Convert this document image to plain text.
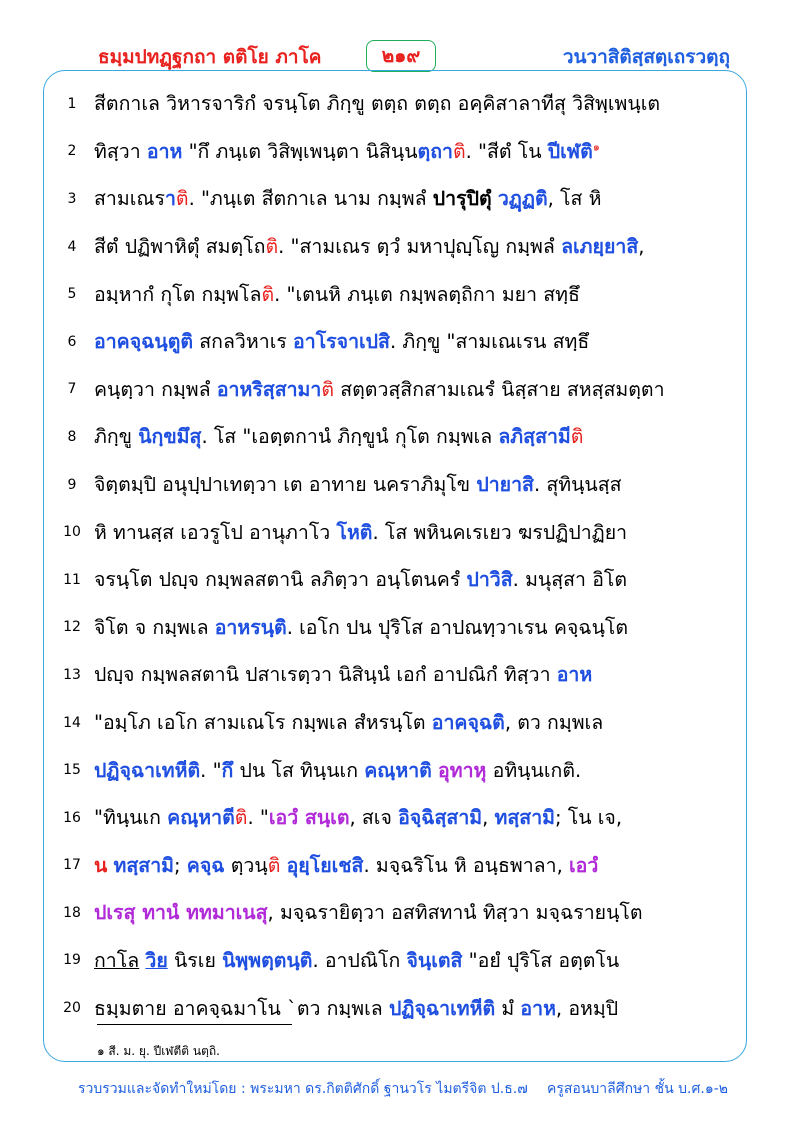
ธมฺมปทฏฺฐกถา ตติโย ภาโค	๒๑๙	วนวาสิติสฺสตฺเถรวตฺถุ
1 สีตกาเล วิหารจาริกํ จรนฺโต ภิกฺขู ตตฺถ ตตฺถ อคฺคิสาลาทีสุ วิสิพฺเพนฺเต
2 ทิสฺวา อาห "กึ ภนฺเต วิสิพฺเพนฺตา นิสินฺนตฺถาติ. "สีตํ โน ปีเฬติ$^๑$
3 สามเณราติ. "ภนฺเต สีตกาเล นาม กมฺพลํ ปารุปิตุํ วฏฺฏติ, โส หิ
4 สีตํ ปฏิพาหิตุํ สมตฺโถติ. "สามเณร ตฺวํ มหาปุญฺโญ กมฺพลํ ลเภยฺยาสิ,
5 อมฺหากํ กุโต กมฺพโลติ. "เตนหิ ภนฺเต กมฺพลตฺถิกา มยา สทฺธึ
6 อาคจฺฉนฺตูติ สกลวิหาเร อาโรจาเปสิ. ภิกฺขู "สามเณเรน สทฺธึ
7 คนฺตฺวา กมฺพลํ อาหริสฺสามาติ สตฺตวสฺสิกสามเณรํ นิสฺสาย สหสฺสมตฺตา
8 ภิกฺขู นิกฺขมึสุ. โส "เอตฺตกานํ ภิกฺขูนํ กุโต กมฺพเล ลภิสฺสามีติ
9 จิตฺตมฺปิ อนุปฺปาเทตฺวา เต อาทาย นคราภิมุโข ปายาสิ. สุทินฺนสฺส
10 หิ ทานสฺส เอวรูโป อานุภาโว โหติ. โส พหินคเรเยว ฆรปฏิปาฏิยา
11 จรนฺโต ปญฺจ กมฺพลสตานิ ลภิตฺวา อนฺโตนครํ ปาวิสิ. มนุสฺสา อิโต
12 จิโต จ กมฺพเล อาหรนฺติ. เอโก ปน ปุริโส อาปณทฺวาเรน คจฺฉนฺโต
13 ปญฺจ กมฺพลสตานิ ปสาเรตฺวา นิสินฺนํ เอกํ อาปณิกํ ทิสฺวา อาห
14 "อมฺโภ เอโก สามเณโร กมฺพเล สํหรนฺโต อาคจฺฉติ, ตว กมฺพเล
15 ปฏิจฺฉาเทหีติ. "กึ ปน โส ทินฺนเก คณฺหาติ อุทาหุ อทินฺนเกติ.
16 "ทินฺนเก คณฺหาตีติ. "เอวํ สนฺเต, สเจ อิจฺฉิสฺสามิ, ทสฺสามิ; โน เจ,
17 น ทสฺสามิ; คจฺฉ ตฺวนฺติ อุยฺโยเชสิ. มจฺฉริโน หิ อนฺธพาลา, เอวํ
18 ปเรสุ ทานํ ททมาเนสุ, มจฺฉรายิตฺวา อสทิสทานํ ทิสฺวา มจฺฉรายนฺโต
19 กาโล วิย นิรเย นิพฺพตฺตนฺติ. อาปณิโก จินฺเตสิ "อยํ ปุริโส อตฺตโน
20 ธมฺมตาย อาคจฺฉมาโน `ตว กมฺพเล ปฏิจฺฉาเทหีติ มํ อาห, อหมฺปิ
๑ สี. ม. ยุ. ปีเฬตีติ นตฺถิ.
รวบรวมและจัดทำใหม่โดย : พระมหา ดร.กิตติศักดิ์ ฐานวโร ไมตรีจิต ป.ธ.๗ ครูสอนบาลีศึกษา ชั้น บ.ศ.๑-๒
